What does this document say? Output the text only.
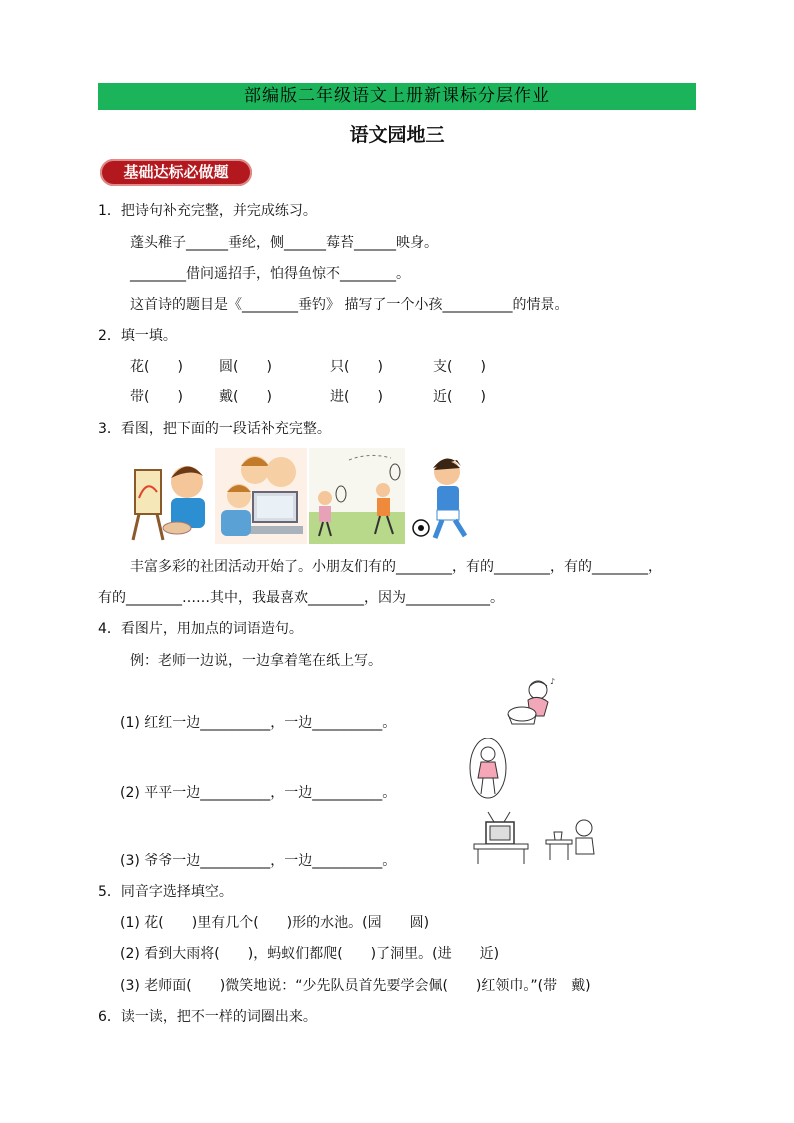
部编版二年级语文上册新课标分层作业
语文园地三
基础达标必做题
1．把诗句补充完整，并完成练习。
蓬头稚子______垂纶，侧______莓苔______映身。
________借问遥招手，怕得鱼惊不________。
这首诗的题目是《________垂钓》 描写了一个小孩__________的情景。
2．填一填。
花(　　)	圆(　　)	只(　　)	支(　　)
带(　　)	戴(　　)	进(　　)	近(　　)
3．看图，把下面的一段话补充完整。
丰富多彩的社团活动开始了。小朋友们有的________，有的________，有的________，
有的________……其中，我最喜欢________，因为____________。
4．看图片，用加点的词语造句。
例：老师一边说，一边拿着笔在纸上写。
(1) 红红一边__________，一边__________。
(2) 平平一边__________，一边__________。
(3) 爷爷一边__________，一边__________。
♪
5．同音字选择填空。
(1) 花(　　)里有几个(　　)形的水池。(园　　圆)
(2) 看到大雨将(　　)，蚂蚁们都爬(　　)了洞里。(进　　近)
(3) 老师面(　　)微笑地说：“少先队员首先要学会佩(　　)红领巾。”(带　戴)
6．读一读，把不一样的词圈出来。
